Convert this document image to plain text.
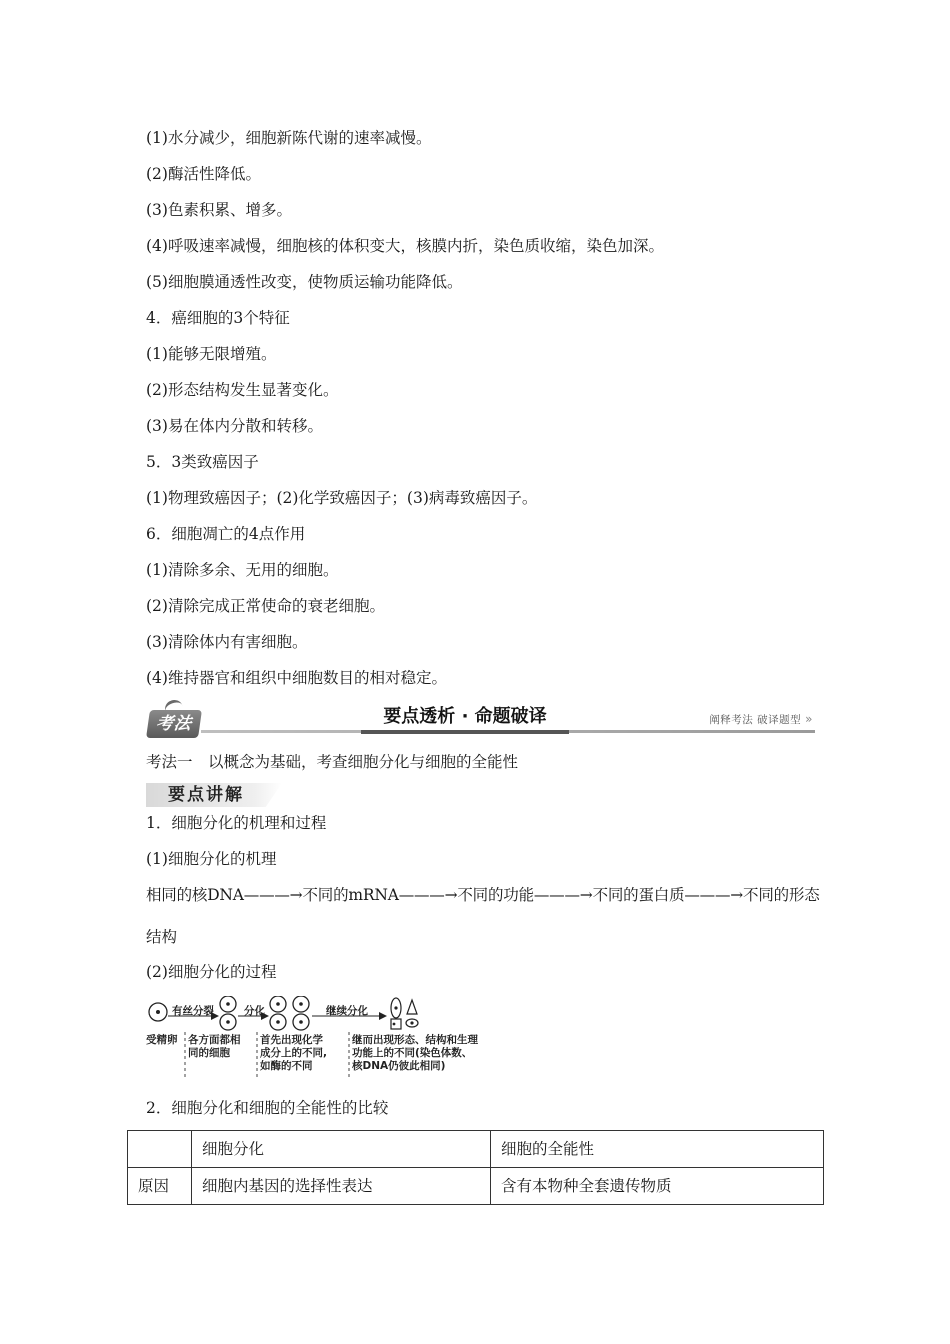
(1)水分减少，细胞新陈代谢的速率减慢。
(2)酶活性降低。
(3)色素积累、增多。
(4)呼吸速率减慢，细胞核的体积变大，核膜内折，染色质收缩，染色加深。
(5)细胞膜通透性改变，使物质运输功能降低。
4．癌细胞的3个特征
(1)能够无限增殖。
(2)形态结构发生显著变化。
(3)易在体内分散和转移。
5．3类致癌因子
(1)物理致癌因子；(2)化学致癌因子；(3)病毒致癌因子。
6．细胞凋亡的4点作用
(1)清除多余、无用的细胞。
(2)清除完成正常使命的衰老细胞。
(3)清除体内有害细胞。
(4)维持器官和组织中细胞数目的相对稳定。
考法	要点透析 · 命题破译	阐释考法 破译题型 »
考法一　以概念为基础，考查细胞分化与细胞的全能性
要点讲解
1．细胞分化的机理和过程
(1)细胞分化的机理
相同的核DNA———→不同的mRNA———→不同的功能———→不同的蛋白质———→不同的形态
结构
(2)细胞分化的过程
有丝分裂	分化	继续分化
受精卵 各方面都相
同的细胞
首先出现化学
成分上的不同,
如酶的不同
继而出现形态、结构和生理
功能上的不同(染色体数、
核DNA仍彼此相同)
2．细胞分化和细胞的全能性的比较
	细胞分化	细胞的全能性
原因	细胞内基因的选择性表达	含有本物种全套遗传物质
